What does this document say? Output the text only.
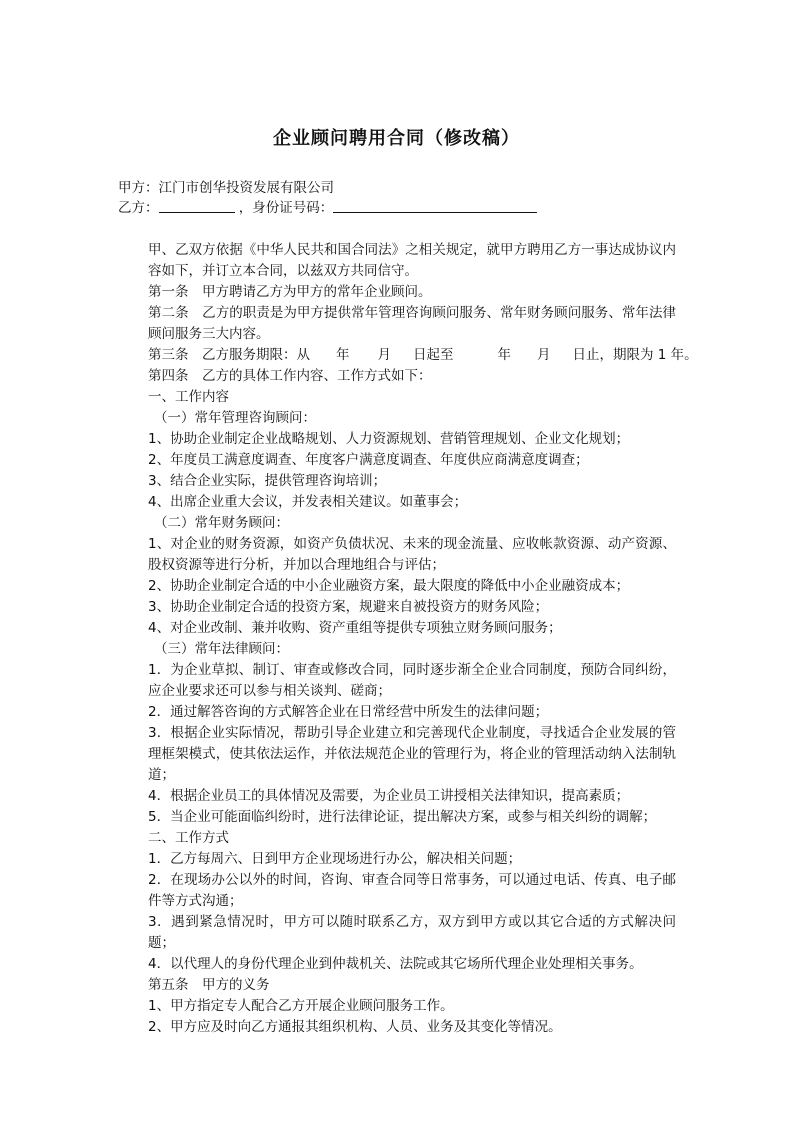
企业顾问聘用合同（修改稿）
甲方：江门市创华投资发展有限公司
乙方：	，身份证号码：

甲、乙双方依据《中华人民共和国合同法》之相关规定，就甲方聘用乙方一事达成协议内容如下，并订立本合同，以兹双方共同信守。

第一条　甲方聘请乙方为甲方的常年企业顾问。

第二条　乙方的职责是为甲方提供常年管理咨询顾问服务、常年财务顾问服务、常年法律顾问服务三大内容。

第三条　乙方服务期限：从 年 月 日起至	年 月 日止，期限为 1 年。

第四条　乙方的具体工作内容、工作方式如下：

一、工作内容

（一）常年管理咨询顾问：

1、协助企业制定企业战略规划、人力资源规划、营销管理规划、企业文化规划；

2、年度员工满意度调查、年度客户满意度调查、年度供应商满意度调查；

3、结合企业实际，提供管理咨询培训；

4、出席企业重大会议，并发表相关建议。如董事会；

（二）常年财务顾问：

1、对企业的财务资源，如资产负债状况、未来的现金流量、应收帐款资源、动产资源、股权资源等进行分析，并加以合理地组合与评估；

2、协助企业制定合适的中小企业融资方案，最大限度的降低中小企业融资成本；

3、协助企业制定合适的投资方案，规避来自被投资方的财务风险；

4、对企业改制、兼并收购、资产重组等提供专项独立财务顾问服务；

（三）常年法律顾问：

1．为企业草拟、制订、审查或修改合同，同时逐步渐全企业合同制度，预防合同纠纷，应企业要求还可以参与相关谈判、磋商；

2．通过解答咨询的方式解答企业在日常经营中所发生的法律问题；

3．根据企业实际情况，帮助引导企业建立和完善现代企业制度，寻找适合企业发展的管理框架模式，使其依法运作，并依法规范企业的管理行为，将企业的管理活动纳入法制轨道；

4．根据企业员工的具体情况及需要，为企业员工讲授相关法律知识，提高素质；

5．当企业可能面临纠纷时，进行法律论证，提出解决方案，或参与相关纠纷的调解；

二、工作方式

1．乙方每周六、日到甲方企业现场进行办公，解决相关问题；

2．在现场办公以外的时间，咨询、审查合同等日常事务，可以通过电话、传真、电子邮件等方式沟通；

3．遇到紧急情况时，甲方可以随时联系乙方，双方到甲方或以其它合适的方式解决问题；

4．以代理人的身份代理企业到仲裁机关、法院或其它场所代理企业处理相关事务。

第五条　甲方的义务

1、甲方指定专人配合乙方开展企业顾问服务工作。

2、甲方应及时向乙方通报其组织机构、人员、业务及其变化等情况。
